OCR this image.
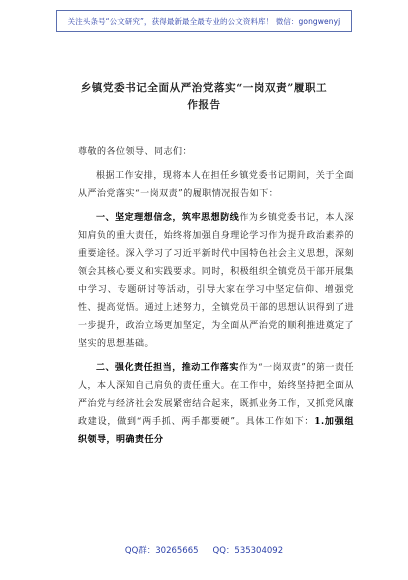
关注头条号“公文研究”，获得最新最全最专业的公文资料库！ 微信：gongwenyj
乡镇党委书记全面从严治党落实“一岗双责”履职工作报告

尊敬的各位领导、同志们：

根据工作安排，现将本人在担任乡镇党委书记期间，关于全面从严治党落实“一岗双责”的履职情况报告如下：

一、坚定理想信念，筑牢思想防线作为乡镇党委书记，本人深知肩负的重大责任，始终将加强自身理论学习作为提升政治素养的重要途径。深入学习了习近平新时代中国特色社会主义思想，深刻领会其核心要义和实践要求。同时，积极组织全镇党员干部开展集中学习、专题研讨等活动，引导大家在学习中坚定信仰、增强党性、提高觉悟。通过上述努力，全镇党员干部的思想认识得到了进一步提升，政治立场更加坚定，为全面从严治党的顺利推进奠定了坚实的思想基础。

二、强化责任担当，推动工作落实作为“一岗双责”的第一责任人，本人深知自己肩负的责任重大。在工作中，始终坚持把全面从严治党与经济社会发展紧密结合起来，既抓业务工作，又抓党风廉政建设，做到“两手抓、两手都要硬”。具体工作如下：1.加强组织领导，明确责任分

QQ群：30265665 QQ：535304092
